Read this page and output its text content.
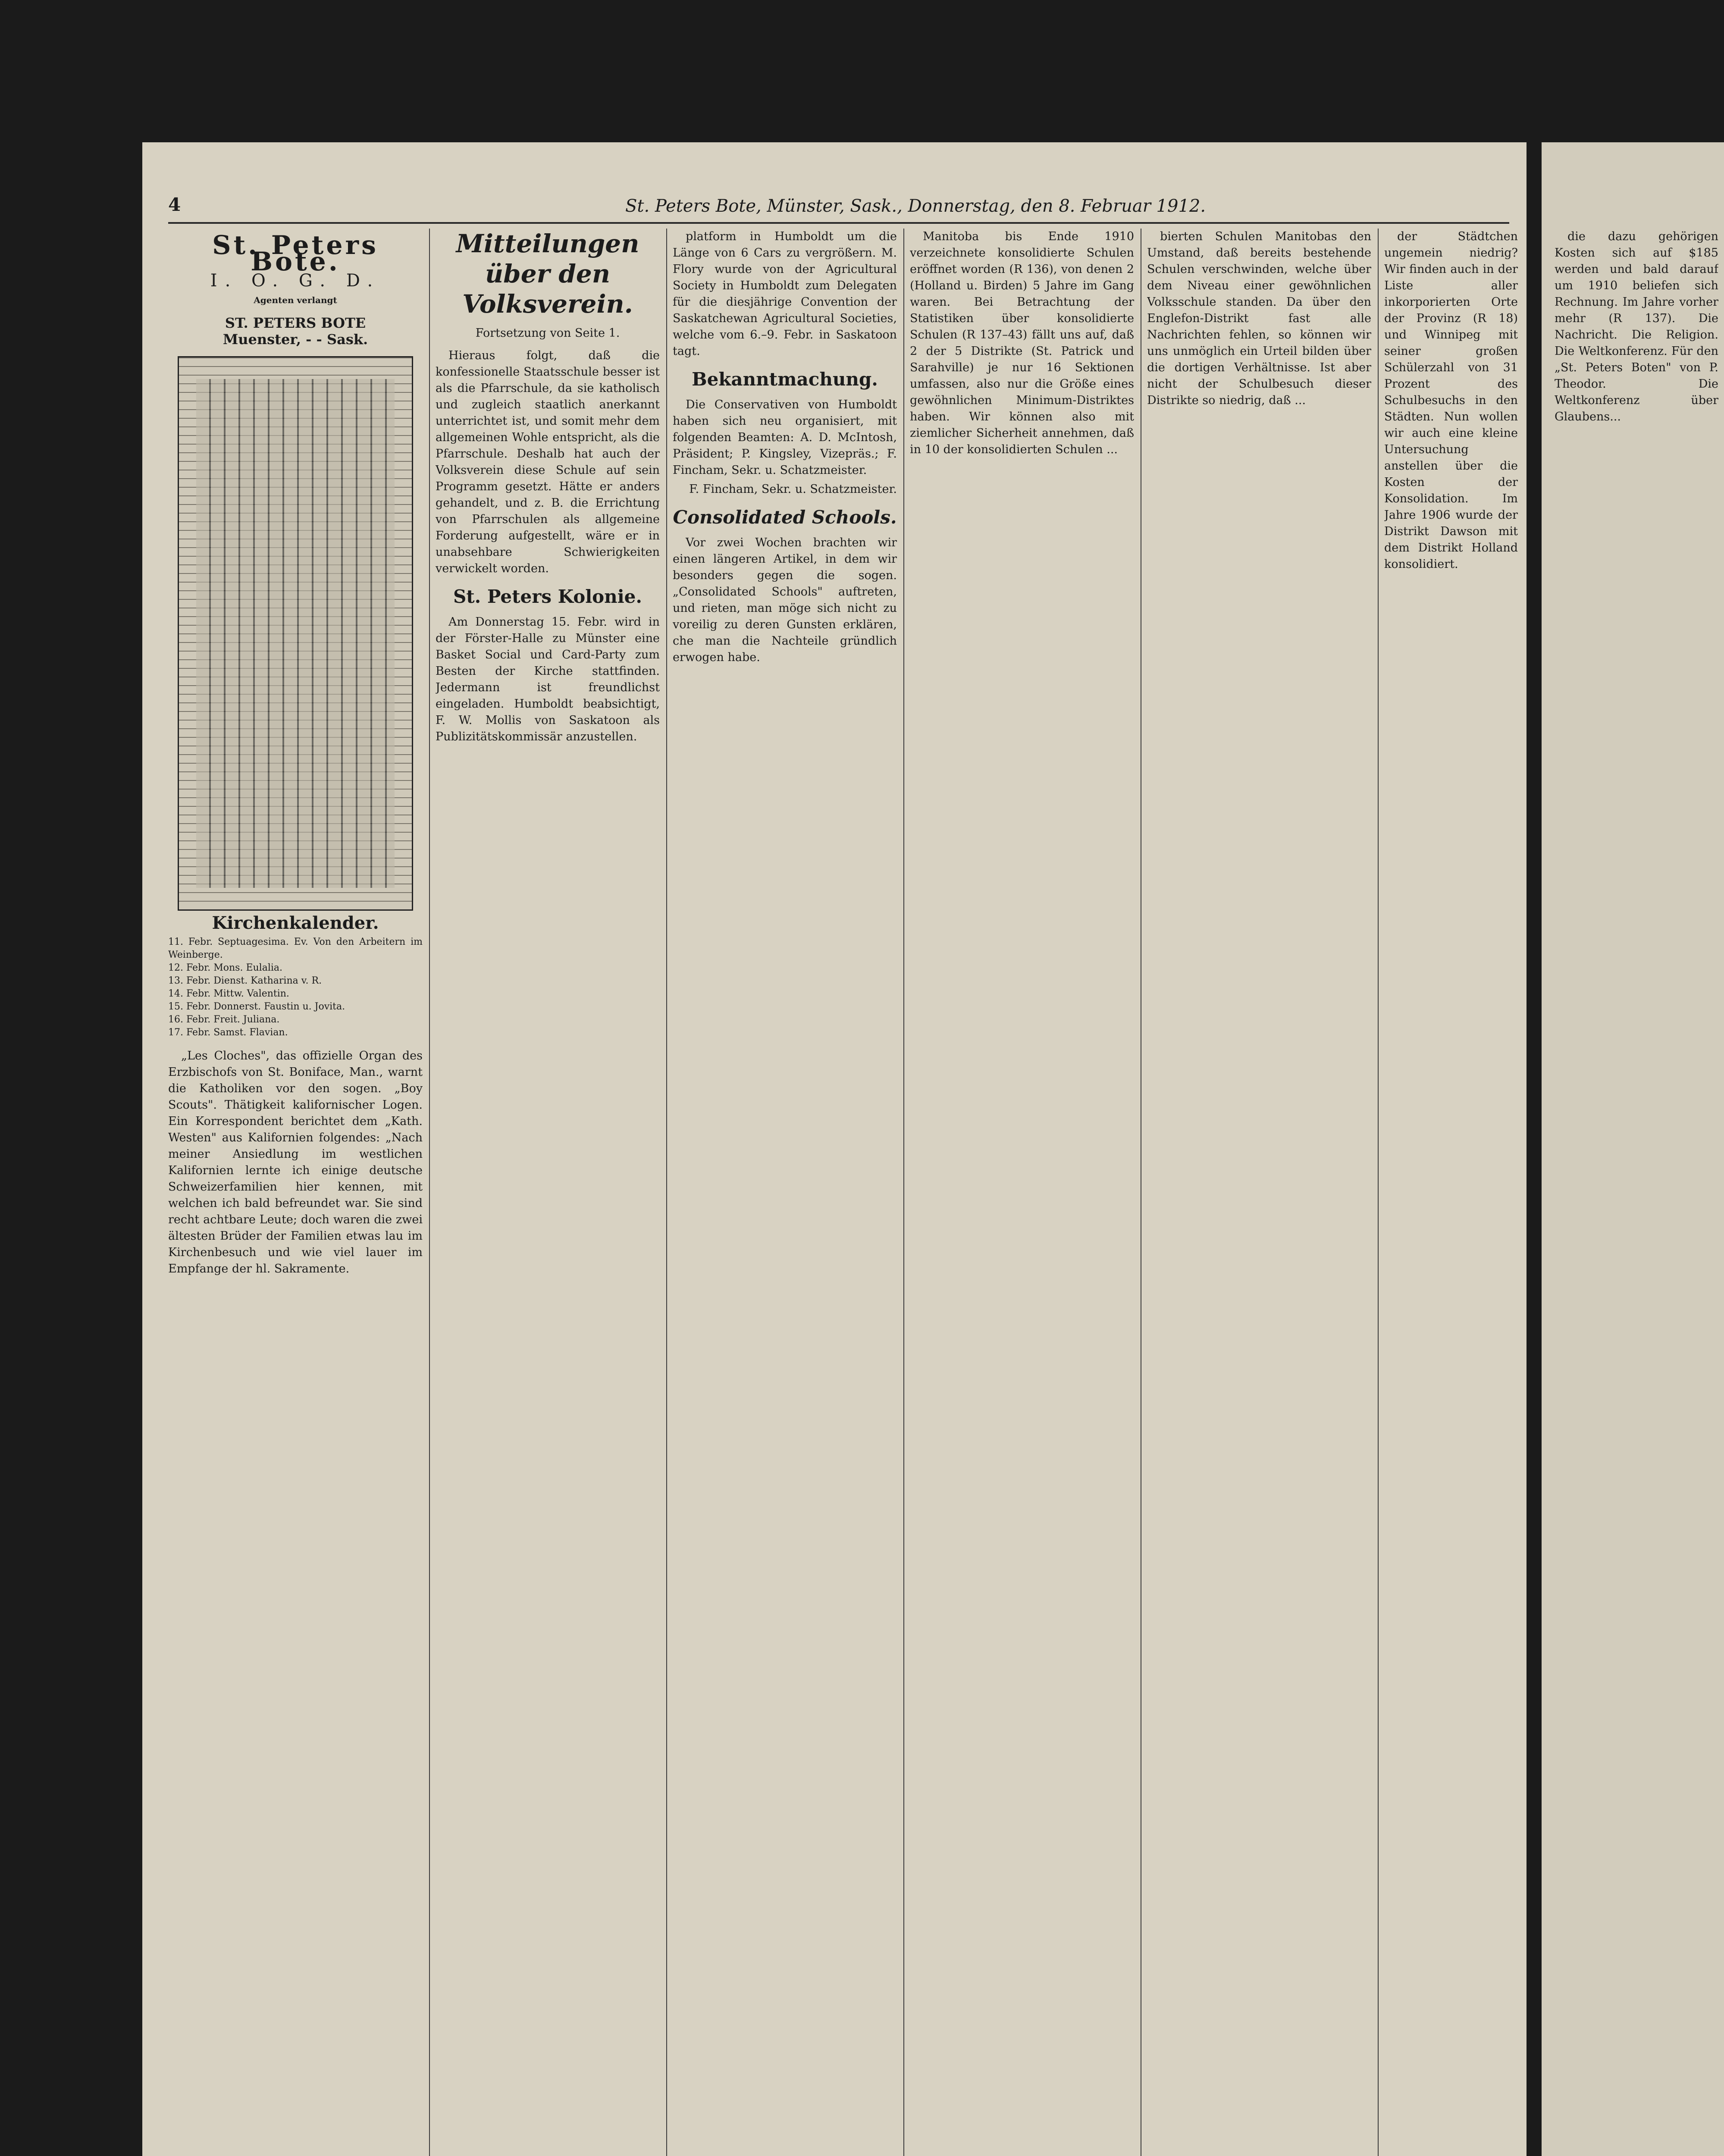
4	St. Peters Bote, Münster, Sask., Donnerstag, den 8. Februar 1912.
St. Peters Bote.
I. O. G. D.
Agenten verlangt
ST. PETERS BOTE
Muenster, - - Sask.
Kirchenkalender.
11. Febr. Septuagesima. Ev. Von den Arbeitern im Weinberge.
12. Febr. Mons. Eulalia.
13. Febr. Dienst. Katharina v. R.
14. Febr. Mittw. Valentin.
15. Febr. Donnerst. Faustin u. Jovita.
16. Febr. Freit. Juliana.
17. Febr. Samst. Flavian.

„Les Cloches", das offizielle Organ des Erzbischofs von St. Boniface, Man., warnt die Katholiken vor den sogen. „Boy Scouts". Thätigkeit kalifornischer Logen. Ein Korrespondent berichtet dem „Kath. Westen" aus Kalifornien folgendes: „Nach meiner Ansiedlung im westlichen Kalifornien lernte ich einige deutsche Schweizerfamilien hier kennen, mit welchen ich bald befreundet war. Sie sind recht achtbare Leute; doch waren die zwei ältesten Brüder der Familien etwas lau im Kirchenbesuch und wie viel lauer im Empfange der hl. Sakramente.

Mitteilungen über den Volksverein.

Fortsetzung von Seite 1.

Hieraus folgt, daß die konfessionelle Staatsschule besser ist als die Pfarrschule, da sie katholisch und zugleich staatlich anerkannt unterrichtet ist, und somit mehr dem allgemeinen Wohle entspricht, als die Pfarrschule. Deshalb hat auch der Volksverein diese Schule auf sein Programm gesetzt. Hätte er anders gehandelt, und z. B. die Errichtung von Pfarrschulen als allgemeine Forderung aufgestellt, wäre er in unabsehbare Schwierigkeiten verwickelt worden.

St. Peters Kolonie.

Am Donnerstag 15. Febr. wird in der Förster-Halle zu Münster eine Basket Social und Card-Party zum Besten der Kirche stattfinden. Jedermann ist freundlichst eingeladen. Humboldt beabsichtigt, F. W. Mollis von Saskatoon als Publizitätskommissär anzustellen.

platform in Humboldt um die Länge von 6 Cars zu vergrößern. M. Flory wurde von der Agricultural Society in Humboldt zum Delegaten für die diesjährige Convention der Saskatchewan Agricultural Societies, welche vom 6.–9. Febr. in Saskatoon tagt.

Bekanntmachung.

Die Conservativen von Humboldt haben sich neu organisiert, mit folgenden Beamten: A. D. McIntosh, Präsident; P. Kingsley, Vizepräs.; F. Fincham, Sekr. u. Schatzmeister.

F. Fincham, Sekr. u. Schatzmeister.

Consolidated Schools.

Vor zwei Wochen brachten wir einen längeren Artikel, in dem wir besonders gegen die sogen. „Consolidated Schools" auftreten, und rieten, man möge sich nicht zu voreilig zu deren Gunsten erklären, che man die Nachteile gründlich erwogen habe.

Manitoba bis Ende 1910 verzeichnete konsolidierte Schulen eröffnet worden (R 136), von denen 2 (Holland u. Birden) 5 Jahre im Gang waren. Bei Betrachtung der Statistiken über konsolidierte Schulen (R 137–43) fällt uns auf, daß 2 der 5 Distrikte (St. Patrick und Sarahville) je nur 16 Sektionen umfassen, also nur die Größe eines gewöhnlichen Minimum-Distriktes haben. Wir können also mit ziemlicher Sicherheit annehmen, daß in 10 der konsolidierten Schulen ...

bierten Schulen Manitobas den Umstand, daß bereits bestehende Schulen verschwinden, welche über dem Niveau einer gewöhnlichen Volksschule standen. Da über den Englefon-Distrikt fast alle Nachrichten fehlen, so können wir uns unmöglich ein Urteil bilden über die dortigen Verhältnisse. Ist aber nicht der Schulbesuch dieser Distrikte so niedrig, daß ...

der Städtchen ungemein niedrig? Wir finden auch in der Liste aller inkorporierten Orte der Provinz (R 18) und Winnipeg mit seiner großen Schülerzahl von 31 Prozent des Schulbesuchs in den Städten. Nun wollen wir auch eine kleine Untersuchung anstellen über die Kosten der Konsolidation. Im Jahre 1906 wurde der Distrikt Dawson mit dem Distrikt Holland konsolidiert.

die dazu gehörigen Kosten sich auf $185 werden und bald darauf um 1910 beliefen sich Rechnung. Im Jahre vorher mehr (R 137). Die Nachricht. Die Religion. Die Weltkonferenz. Für den „St. Peters Boten" von P. Theodor. Die Weltkonferenz über Glaubens...
